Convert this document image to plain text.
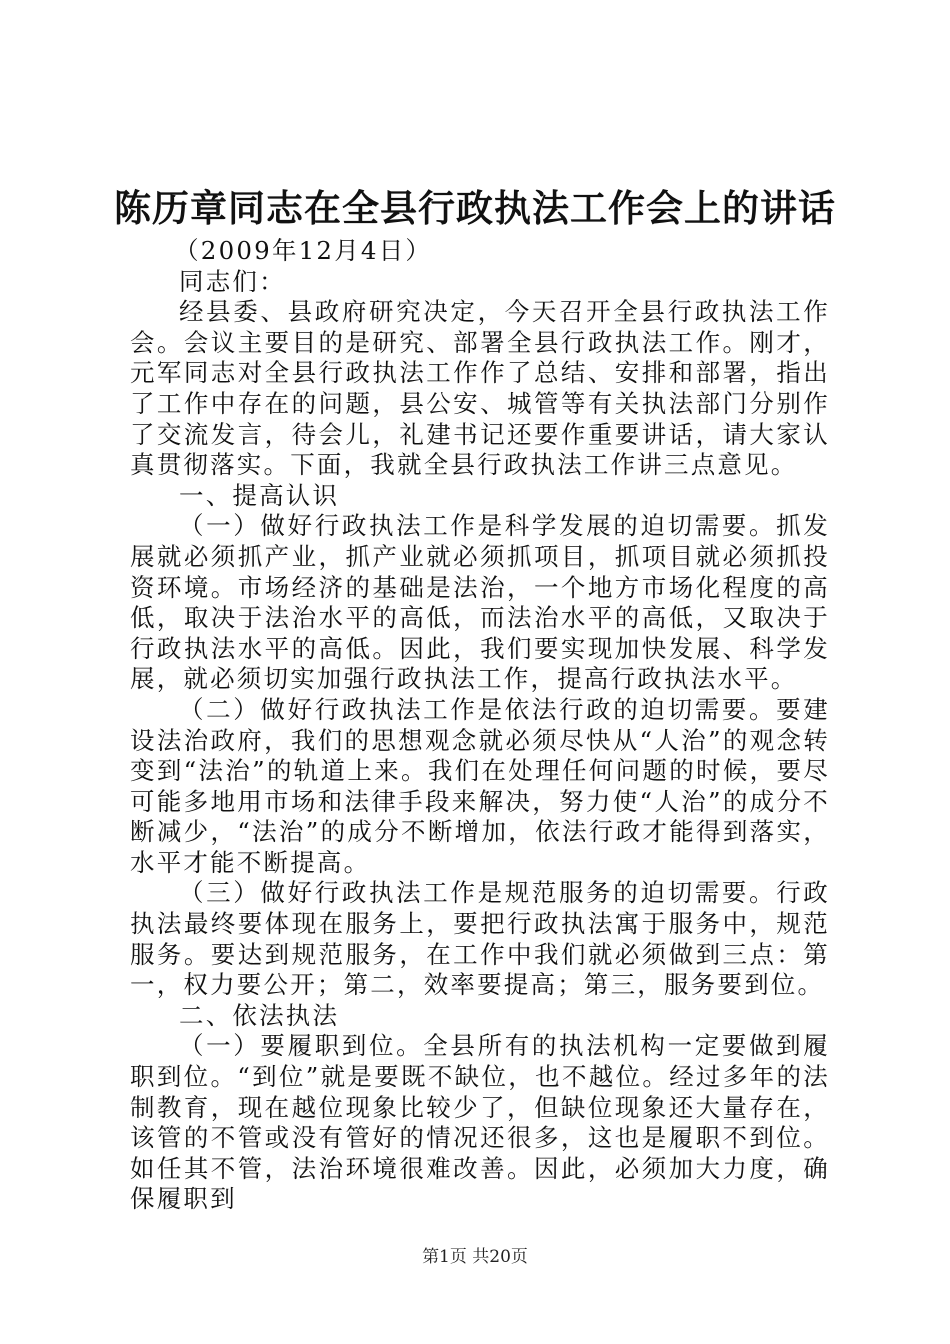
陈历章同志在全县行政执法工作会上的讲话

（2009年12月4日）

同志们：

经县委、县政府研究决定，今天召开全县行政执法工作会。会议主要目的是研究、部署全县行政执法工作。刚才，元军同志对全县行政执法工作作了总结、安排和部署，指出了工作中存在的问题，县公安、城管等有关执法部门分别作了交流发言，待会儿，礼建书记还要作重要讲话，请大家认真贯彻落实。下面，我就全县行政执法工作讲三点意见。

一、提高认识

（一）做好行政执法工作是科学发展的迫切需要。抓发展就必须抓产业，抓产业就必须抓项目，抓项目就必须抓投资环境。市场经济的基础是法治，一个地方市场化程度的高低，取决于法治水平的高低，而法治水平的高低，又取决于行政执法水平的高低。因此，我们要实现加快发展、科学发展，就必须切实加强行政执法工作，提高行政执法水平。

（二）做好行政执法工作是依法行政的迫切需要。要建设法治政府，我们的思想观念就必须尽快从“人治”的观念转变到“法治”的轨道上来。我们在处理任何问题的时候，要尽可能多地用市场和法律手段来解决，努力使“人治”的成分不断减少，“法治”的成分不断增加，依法行政才能得到落实，水平才能不断提高。

（三）做好行政执法工作是规范服务的迫切需要。行政执法最终要体现在服务上，要把行政执法寓于服务中，规范服务。要达到规范服务，在工作中我们就必须做到三点：第一，权力要公开；第二，效率要提高；第三，服务要到位。

二、依法执法

（一）要履职到位。全县所有的执法机构一定要做到履职到位。“到位”就是要既不缺位，也不越位。经过多年的法制教育，现在越位现象比较少了，但缺位现象还大量存在，该管的不管或没有管好的情况还很多，这也是履职不到位。如任其不管，法治环境很难改善。因此，必须加大力度，确保履职到

第1页 共20页
